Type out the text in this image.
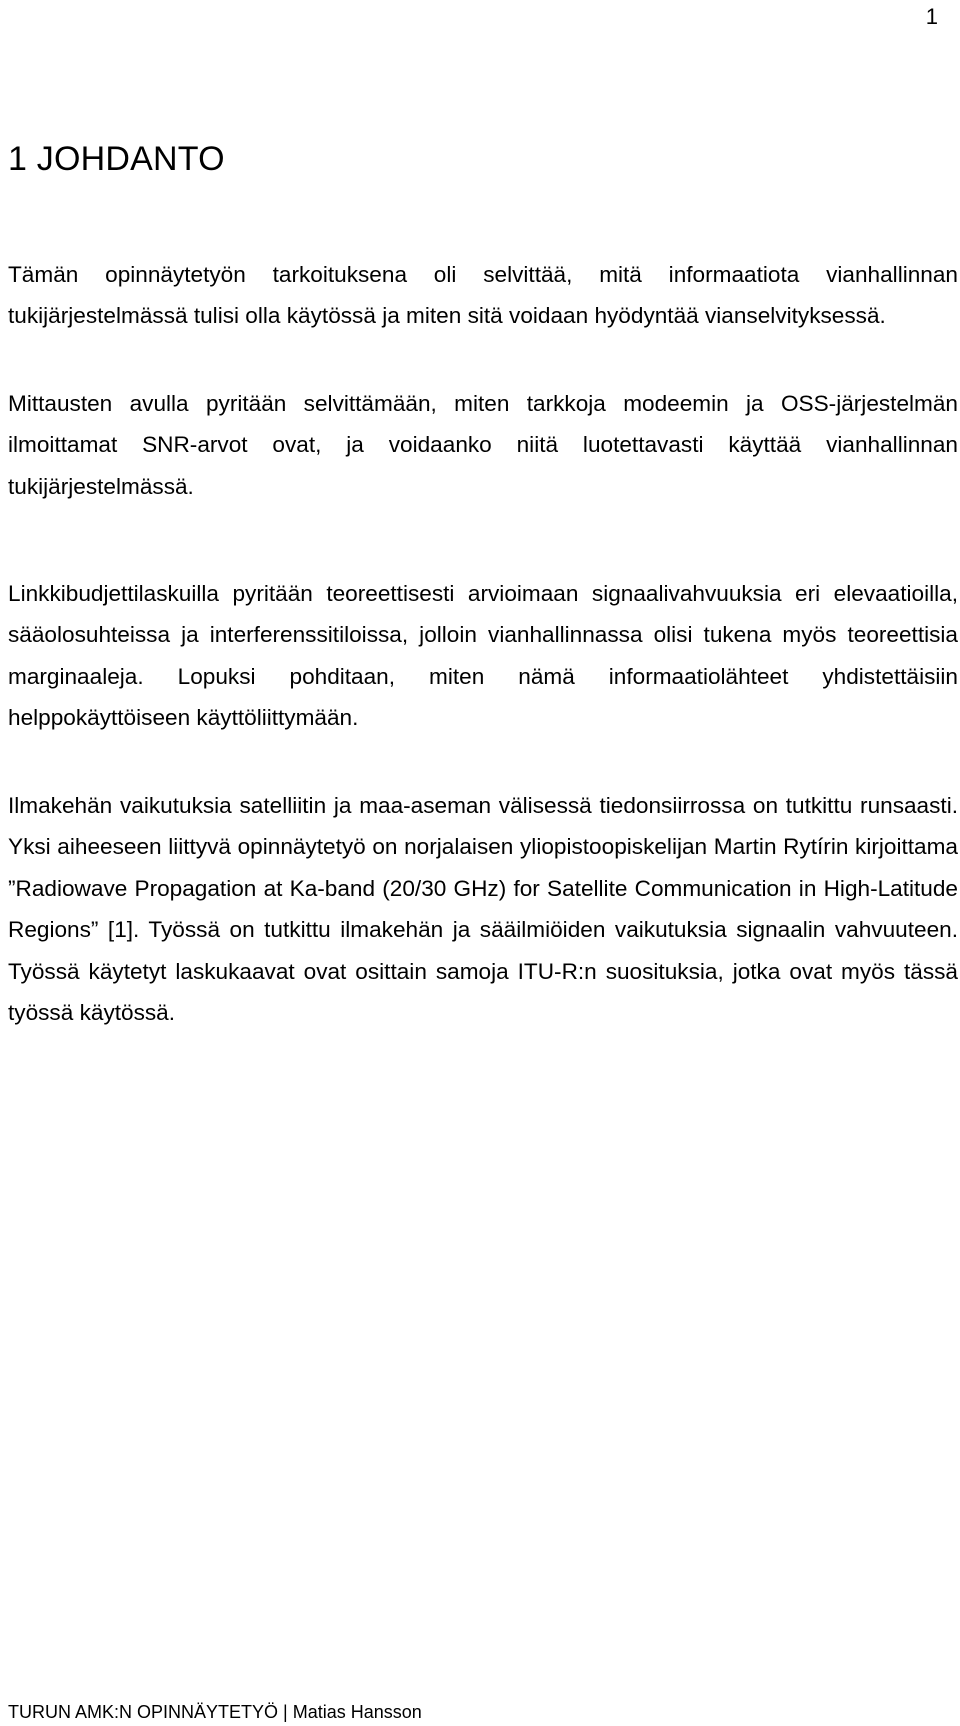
1
1 JOHDANTO

Tämän opinnäytetyön tarkoituksena oli selvittää, mitä informaatiota vianhallinnan tukijärjestelmässä tulisi olla käytössä ja miten sitä voidaan hyödyntää vianselvityksessä.

Mittausten avulla pyritään selvittämään, miten tarkkoja modeemin ja OSS-järjestelmän ilmoittamat SNR-arvot ovat, ja voidaanko niitä luotettavasti käyttää vianhallinnan tukijärjestelmässä.

Linkkibudjettilaskuilla pyritään teoreettisesti arvioimaan signaalivahvuuksia eri elevaatioilla, sääolosuhteissa ja interferenssitiloissa, jolloin vianhallinnassa olisi tukena myös teoreettisia marginaaleja. Lopuksi pohditaan, miten nämä informaatiolähteet yhdistettäisiin helppokäyttöiseen käyttöliittymään.

Ilmakehän vaikutuksia satelliitin ja maa-aseman välisessä tiedonsiirrossa on tutkittu runsaasti. Yksi aiheeseen liittyvä opinnäytetyö on norjalaisen yliopistoopiskelijan Martin Rytírin kirjoittama ”Radiowave Propagation at Ka-band (20/30 GHz) for Satellite Communication in High-Latitude Regions” [1]. Työssä on tutkittu ilmakehän ja sääilmiöiden vaikutuksia signaalin vahvuuteen. Työssä käytetyt laskukaavat ovat osittain samoja ITU-R:n suosituksia, jotka ovat myös tässä työssä käytössä.

TURUN AMK:N OPINNÄYTETYÖ | Matias Hansson
